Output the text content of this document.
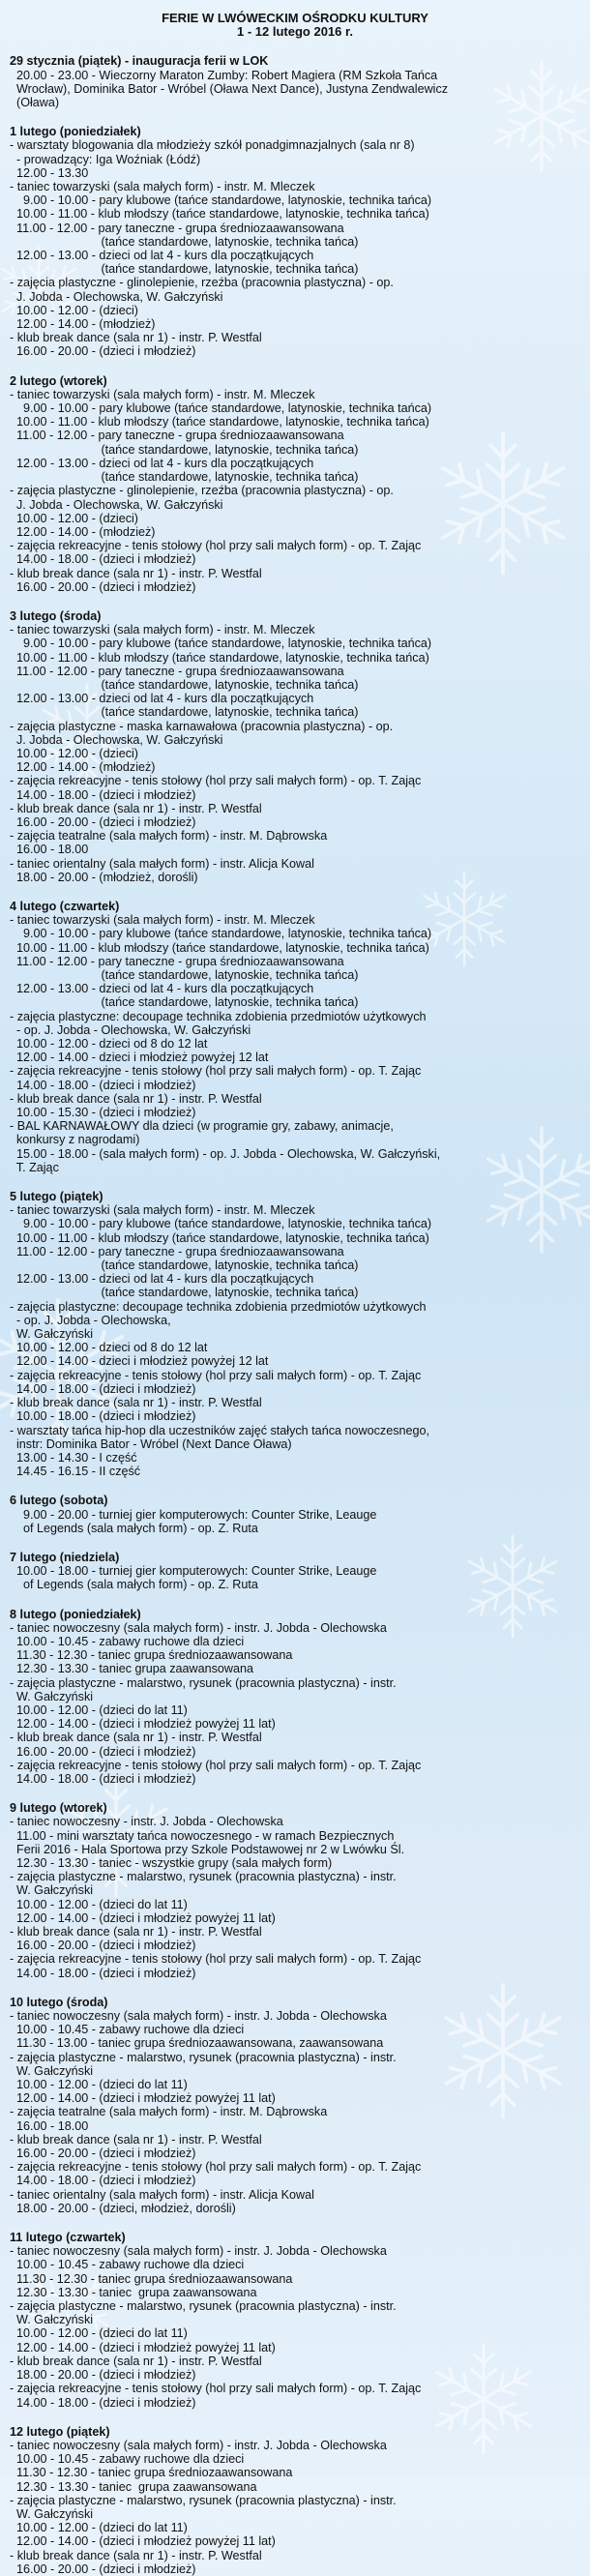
FERIE W LWÓWECKIM OŚRODKU KULTURY
1 - 12 lutego 2016 r.
29 stycznia (piątek) - inauguracja ferii w LOK
20.00 - 23.00 - Wieczorny Maraton Zumby: Robert Magiera (RM Szkoła Tańca
Wrocław), Dominika Bator - Wróbel (Oława Next Dance), Justyna Zendwalewicz
(Oława)
1 lutego (poniedziałek)
- warsztaty blogowania dla młodzieży szkół ponadgimnazjalnych (sala nr 8)
- prowadzący: Iga Woźniak (Łódź)
12.00 - 13.30
- taniec towarzyski (sala małych form) - instr. M. Mleczek
9.00 - 10.00 - pary klubowe (tańce standardowe, latynoskie, technika tańca)
10.00 - 11.00 - klub młodszy (tańce standardowe, latynoskie, technika tańca)
11.00 - 12.00 - pary taneczne - grupa średniozaawansowana
(tańce standardowe, latynoskie, technika tańca)
12.00 - 13.00 - dzieci od lat 4 - kurs dla początkujących
(tańce standardowe, latynoskie, technika tańca)
- zajęcia plastyczne - glinolepienie, rzeźba (pracownia plastyczna) - op.
J. Jobda - Olechowska, W. Gałczyński
10.00 - 12.00 - (dzieci)
12.00 - 14.00 - (młodzież)
- klub break dance (sala nr 1) - instr. P. Westfal
16.00 - 20.00 - (dzieci i młodzież)
2 lutego (wtorek)
- taniec towarzyski (sala małych form) - instr. M. Mleczek
9.00 - 10.00 - pary klubowe (tańce standardowe, latynoskie, technika tańca)
10.00 - 11.00 - klub młodszy (tańce standardowe, latynoskie, technika tańca)
11.00 - 12.00 - pary taneczne - grupa średniozaawansowana
(tańce standardowe, latynoskie, technika tańca)
12.00 - 13.00 - dzieci od lat 4 - kurs dla początkujących
(tańce standardowe, latynoskie, technika tańca)
- zajęcia plastyczne - glinolepienie, rzeźba (pracownia plastyczna) - op.
J. Jobda - Olechowska, W. Gałczyński
10.00 - 12.00 - (dzieci)
12.00 - 14.00 - (młodzież)
- zajęcia rekreacyjne - tenis stołowy (hol przy sali małych form) - op. T. Zając
14.00 - 18.00 - (dzieci i młodzież)
- klub break dance (sala nr 1) - instr. P. Westfal
16.00 - 20.00 - (dzieci i młodzież)
3 lutego (środa)
- taniec towarzyski (sala małych form) - instr. M. Mleczek
9.00 - 10.00 - pary klubowe (tańce standardowe, latynoskie, technika tańca)
10.00 - 11.00 - klub młodszy (tańce standardowe, latynoskie, technika tańca)
11.00 - 12.00 - pary taneczne - grupa średniozaawansowana
(tańce standardowe, latynoskie, technika tańca)
12.00 - 13.00 - dzieci od lat 4 - kurs dla początkujących
(tańce standardowe, latynoskie, technika tańca)
- zajęcia plastyczne - maska karnawałowa (pracownia plastyczna) - op.
J. Jobda - Olechowska, W. Gałczyński
10.00 - 12.00 - (dzieci)
12.00 - 14.00 - (młodzież)
- zajęcia rekreacyjne - tenis stołowy (hol przy sali małych form) - op. T. Zając
14.00 - 18.00 - (dzieci i młodzież)
- klub break dance (sala nr 1) - instr. P. Westfal
16.00 - 20.00 - (dzieci i młodzież)
- zajęcia teatralne (sala małych form) - instr. M. Dąbrowska
16.00 - 18.00
- taniec orientalny (sala małych form) - instr. Alicja Kowal
18.00 - 20.00 - (młodzież, dorośli)
4 lutego (czwartek)
- taniec towarzyski (sala małych form) - instr. M. Mleczek
9.00 - 10.00 - pary klubowe (tańce standardowe, latynoskie, technika tańca)
10.00 - 11.00 - klub młodszy (tańce standardowe, latynoskie, technika tańca)
11.00 - 12.00 - pary taneczne - grupa średniozaawansowana
(tańce standardowe, latynoskie, technika tańca)
12.00 - 13.00 - dzieci od lat 4 - kurs dla początkujących
(tańce standardowe, latynoskie, technika tańca)
- zajęcia plastyczne: decoupage technika zdobienia przedmiotów użytkowych
- op. J. Jobda - Olechowska, W. Gałczyński
10.00 - 12.00 - dzieci od 8 do 12 lat
12.00 - 14.00 - dzieci i młodzież powyżej 12 lat
- zajęcia rekreacyjne - tenis stołowy (hol przy sali małych form) - op. T. Zając
14.00 - 18.00 - (dzieci i młodzież)
- klub break dance (sala nr 1) - instr. P. Westfal
10.00 - 15.30 - (dzieci i młodzież)
- BAL KARNAWAŁOWY dla dzieci (w programie gry, zabawy, animacje,
konkursy z nagrodami)
15.00 - 18.00 - (sala małych form) - op. J. Jobda - Olechowska, W. Gałczyński,
T. Zając
5 lutego (piątek)
- taniec towarzyski (sala małych form) - instr. M. Mleczek
9.00 - 10.00 - pary klubowe (tańce standardowe, latynoskie, technika tańca)
10.00 - 11.00 - klub młodszy (tańce standardowe, latynoskie, technika tańca)
11.00 - 12.00 - pary taneczne - grupa średniozaawansowana
(tańce standardowe, latynoskie, technika tańca)
12.00 - 13.00 - dzieci od lat 4 - kurs dla początkujących
(tańce standardowe, latynoskie, technika tańca)
- zajęcia plastyczne: decoupage technika zdobienia przedmiotów użytkowych
- op. J. Jobda - Olechowska,
W. Gałczyński
10.00 - 12.00 - dzieci od 8 do 12 lat
12.00 - 14.00 - dzieci i młodzież powyżej 12 lat
- zajęcia rekreacyjne - tenis stołowy (hol przy sali małych form) - op. T. Zając
14.00 - 18.00 - (dzieci i młodzież)
- klub break dance (sala nr 1) - instr. P. Westfal
10.00 - 18.00 - (dzieci i młodzież)
- warsztaty tańca hip-hop dla uczestników zajęć stałych tańca nowoczesnego,
instr: Dominika Bator - Wróbel (Next Dance Oława)
13.00 - 14.30 - I część
14.45 - 16.15 - II część
6 lutego (sobota)
9.00 - 20.00 - turniej gier komputerowych: Counter Strike, Leauge
of Legends (sala małych form) - op. Z. Ruta
7 lutego (niedziela)
10.00 - 18.00 - turniej gier komputerowych: Counter Strike, Leauge
of Legends (sala małych form) - op. Z. Ruta
8 lutego (poniedziałek)
- taniec nowoczesny (sala małych form) - instr. J. Jobda - Olechowska
10.00 - 10.45 - zabawy ruchowe dla dzieci
11.30 - 12.30 - taniec grupa średniozaawansowana
12.30 - 13.30 - taniec grupa zaawansowana
- zajęcia plastyczne - malarstwo, rysunek (pracownia plastyczna) - instr.
W. Gałczyński
10.00 - 12.00 - (dzieci do lat 11)
12.00 - 14.00 - (dzieci i młodzież powyżej 11 lat)
- klub break dance (sala nr 1) - instr. P. Westfal
16.00 - 20.00 - (dzieci i młodzież)
- zajęcia rekreacyjne - tenis stołowy (hol przy sali małych form) - op. T. Zając
14.00 - 18.00 - (dzieci i młodzież)
9 lutego (wtorek)
- taniec nowoczesny - instr. J. Jobda - Olechowska
11.00 - mini warsztaty tańca nowoczesnego - w ramach Bezpiecznych
Ferii 2016 - Hala Sportowa przy Szkole Podstawowej nr 2 w Lwówku Śl.
12.30 - 13.30 - taniec - wszystkie grupy (sala małych form)
- zajęcia plastyczne - malarstwo, rysunek (pracownia plastyczna) - instr.
W. Gałczyński
10.00 - 12.00 - (dzieci do lat 11)
12.00 - 14.00 - (dzieci i młodzież powyżej 11 lat)
- klub break dance (sala nr 1) - instr. P. Westfal
16.00 - 20.00 - (dzieci i młodzież)
- zajęcia rekreacyjne - tenis stołowy (hol przy sali małych form) - op. T. Zając
14.00 - 18.00 - (dzieci i młodzież)
10 lutego (środa)
- taniec nowoczesny (sala małych form) - instr. J. Jobda - Olechowska
10.00 - 10.45 - zabawy ruchowe dla dzieci
11.30 - 13.00 - taniec grupa średniozaawansowana, zaawansowana
- zajęcia plastyczne - malarstwo, rysunek (pracownia plastyczna) - instr.
W. Gałczyński
10.00 - 12.00 - (dzieci do lat 11)
12.00 - 14.00 - (dzieci i młodzież powyżej 11 lat)
- zajęcia teatralne (sala małych form) - instr. M. Dąbrowska
16.00 - 18.00
- klub break dance (sala nr 1) - instr. P. Westfal
16.00 - 20.00 - (dzieci i młodzież)
- zajęcia rekreacyjne - tenis stołowy (hol przy sali małych form) - op. T. Zając
14.00 - 18.00 - (dzieci i młodzież)
- taniec orientalny (sala małych form) - instr. Alicja Kowal
18.00 - 20.00 - (dzieci, młodzież, dorośli)
11 lutego (czwartek)
- taniec nowoczesny (sala małych form) - instr. J. Jobda - Olechowska
10.00 - 10.45 - zabawy ruchowe dla dzieci
11.30 - 12.30 - taniec grupa średniozaawansowana
12.30 - 13.30 - taniec  grupa zaawansowana
- zajęcia plastyczne - malarstwo, rysunek (pracownia plastyczna) - instr.
W. Gałczyński
10.00 - 12.00 - (dzieci do lat 11)
12.00 - 14.00 - (dzieci i młodzież powyżej 11 lat)
- klub break dance (sala nr 1) - instr. P. Westfal
18.00 - 20.00 - (dzieci i młodzież)
- zajęcia rekreacyjne - tenis stołowy (hol przy sali małych form) - op. T. Zając
14.00 - 18.00 - (dzieci i młodzież)
12 lutego (piątek)
- taniec nowoczesny (sala małych form) - instr. J. Jobda - Olechowska
10.00 - 10.45 - zabawy ruchowe dla dzieci
11.30 - 12.30 - taniec grupa średniozaawansowana
12.30 - 13.30 - taniec  grupa zaawansowana
- zajęcia plastyczne - malarstwo, rysunek (pracownia plastyczna) - instr.
W. Gałczyński
10.00 - 12.00 - (dzieci do lat 11)
12.00 - 14.00 - (dzieci i młodzież powyżej 11 lat)
- klub break dance (sala nr 1) - instr. P. Westfal
16.00 - 20.00 - (dzieci i młodzież)
